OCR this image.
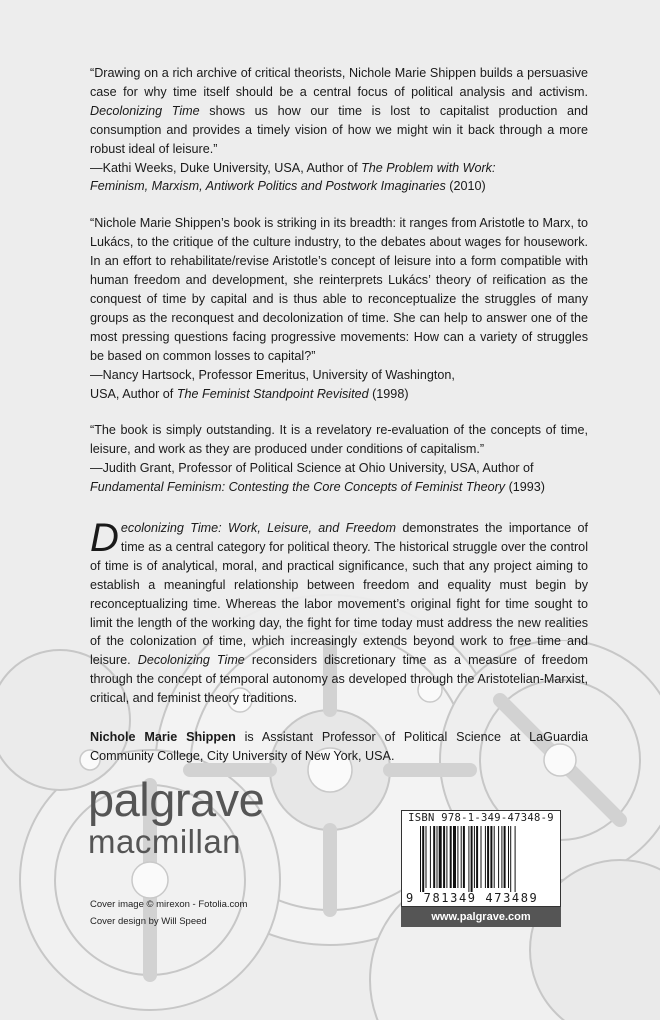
“Drawing on a rich archive of critical theorists, Nichole Marie Shippen builds a persuasive case for why time itself should be a central focus of political analysis and activism. Decolonizing Time shows us how our time is lost to capitalist production and consumption and provides a timely vision of how we might win it back through a more robust ideal of leisure.”

—Kathi Weeks, Duke University, USA, Author of The Problem with Work:
Feminism, Marxism, Antiwork Politics and Postwork Imaginaries (2010)

“Nichole Marie Shippen’s book is striking in its breadth: it ranges from Aristotle to Marx, to Lukács, to the critique of the culture industry, to the debates about wages for housework. In an effort to rehabilitate/revise Aristotle’s concept of leisure into a form compatible with human freedom and development, she reinterprets Lukács’ theory of reification as the conquest of time by capital and is thus able to reconceptualize the struggles of many groups as the reconquest and decolonization of time. She can help to answer one of the most pressing questions facing progressive movements: How can a variety of struggles be based on common losses to capital?”

—Nancy Hartsock, Professor Emeritus, University of Washington,
USA, Author of The Feminist Standpoint Revisited (1998)

“The book is simply outstanding. It is a revelatory re-evaluation of the concepts of time, leisure, and work as they are produced under conditions of capitalism.”

—Judith Grant, Professor of Political Science at Ohio University, USA, Author of
Fundamental Feminism: Contesting the Core Concepts of Feminist Theory (1993)

Decolonizing Time: Work, Leisure, and Freedom demonstrates the importance of time as a central category for political theory. The historical struggle over the control of time is of analytical, moral, and practical significance, such that any project aiming to establish a meaningful relationship between freedom and equality must begin by reconceptualizing time. Whereas the labor movement’s original fight for time sought to limit the length of the working day, the fight for time today must address the new realities of the colonization of time, which increasingly extends beyond work to free time and leisure. Decolonizing Time reconsiders discretionary time as a measure of freedom through the concept of temporal autonomy as developed through the Aristotelian-Marxist, critical, and feminist theory traditions.

Nichole Marie Shippen is Assistant Professor of Political Science at LaGuardia Community College, City University of New York, USA.

palgrave
macmillan
Cover image © mirexon - Fotolia.com
Cover design by Will Speed
ISBN 978-1-349-47348-9
9 781349 473489
www.palgrave.com
